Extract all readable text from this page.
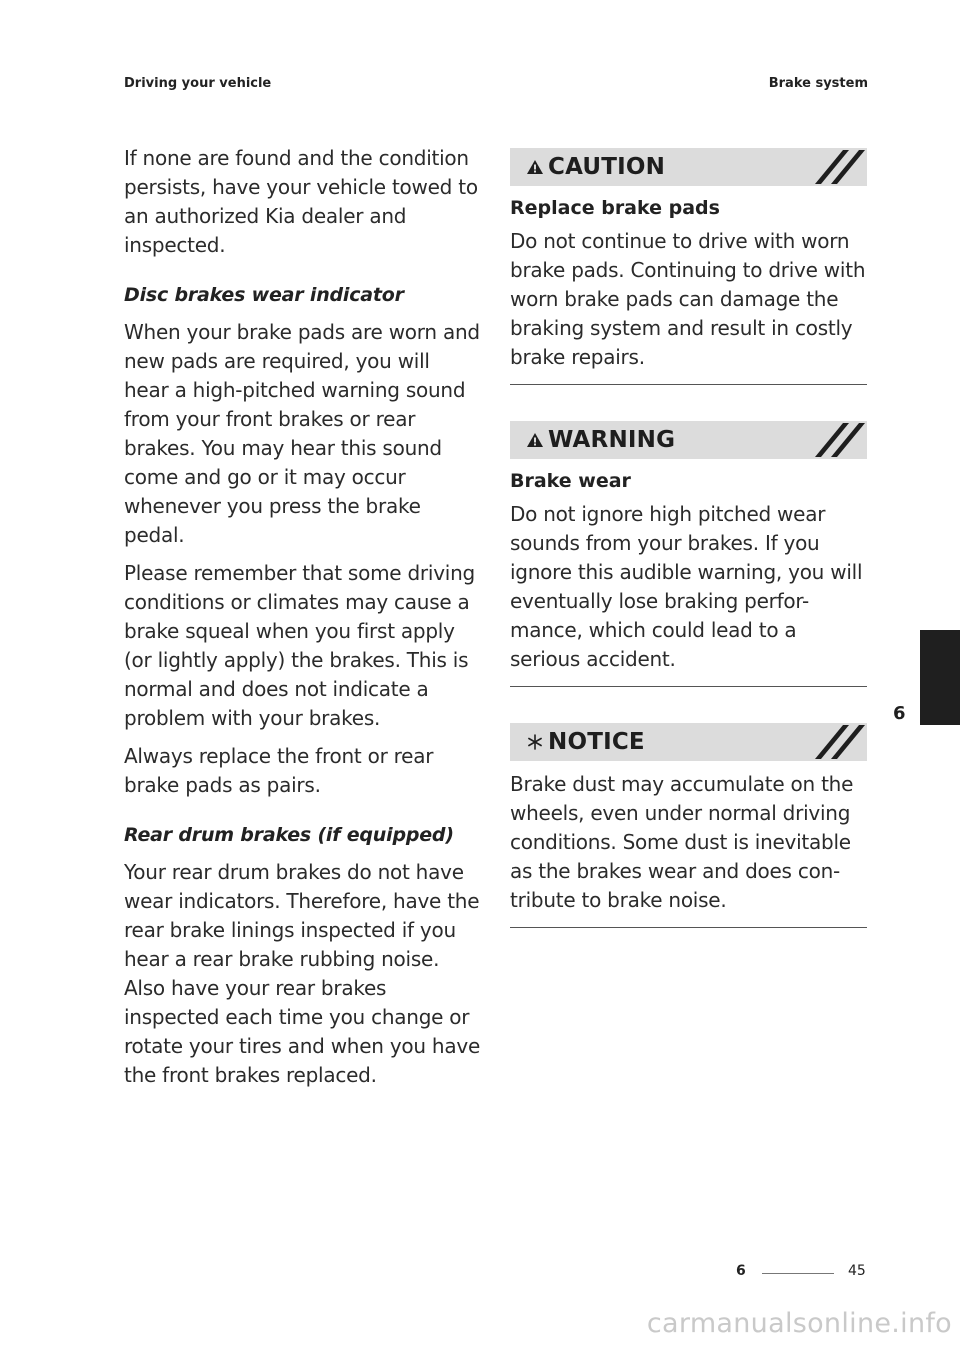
Driving your vehicle	Brake system

If none are found and the condition persists, have your vehicle towed to an authorized Kia dealer and inspected.

Disc brakes wear indicator

When your brake pads are worn and new pads are required, you will hear a high-pitched warning sound from your front brakes or rear brakes. You may hear this sound come and go or it may occur whenever you press the brake pedal.

Please remember that some driving conditions or climates may cause a brake squeal when you first apply (or lightly apply) the brakes. This is normal and does not indicate a problem with your brakes.

Always replace the front or rear brake pads as pairs.

Rear drum brakes (if equipped)

Your rear drum brakes do not have wear indicators. Therefore, have the rear brake linings inspected if you hear a rear brake rubbing noise. Also have your rear brakes inspected each time you change or rotate your tires and when you have the front brakes replaced.

CAUTION
Replace brake pads

Do not continue to drive with worn brake pads. Continuing to drive with worn brake pads can damage the braking system and result in costly brake repairs.

WARNING
Brake wear

Do not ignore high pitched wear sounds from your brakes. If you ignore this audible warning, you will eventually lose braking perfor-mance, which could lead to a serious accident.

NOTICE

Brake dust may accumulate on the wheels, even under normal driving conditions. Some dust is inevitable as the brakes wear and does con-tribute to brake noise.

6
6	45
carmanualsonline.info
